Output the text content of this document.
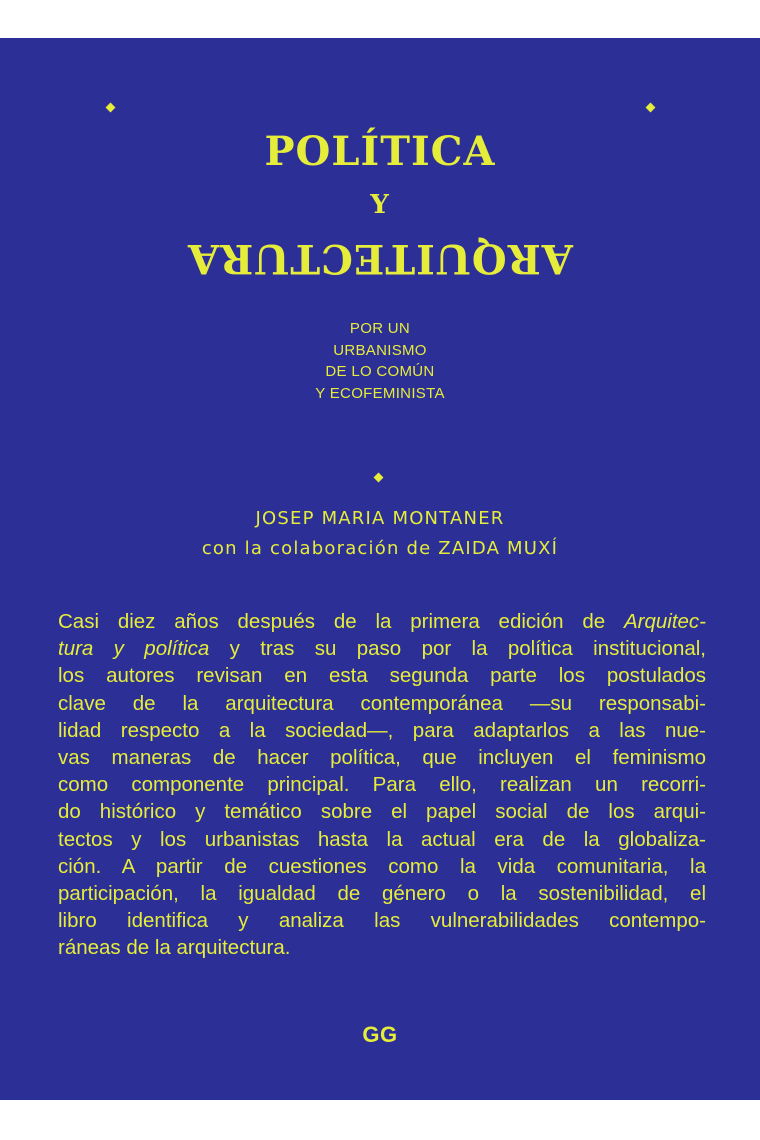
POLÍTICA
Y
ARQUITECTURA
POR UN
URBANISMO
DE LO COMÚN
Y ECOFEMINISTA
JOSEP MARIA MONTANER
con la colaboración de ZAIDA MUXÍ
Casi diez años después de la primera edición de Arquitec-
tura y política y tras su paso por la política institucional,
los autores revisan en esta segunda parte los postulados
clave de la arquitectura contemporánea —su responsabi-
lidad respecto a la sociedad—, para adaptarlos a las nue-
vas maneras de hacer política, que incluyen el feminismo
como componente principal. Para ello, realizan un recorri-
do histórico y temático sobre el papel social de los arqui-
tectos y los urbanistas hasta la actual era de la globaliza-
ción. A partir de cuestiones como la vida comunitaria, la
participación, la igualdad de género o la sostenibilidad, el
libro identifica y analiza las vulnerabilidades contempo-
ráneas de la arquitectura.
GG
